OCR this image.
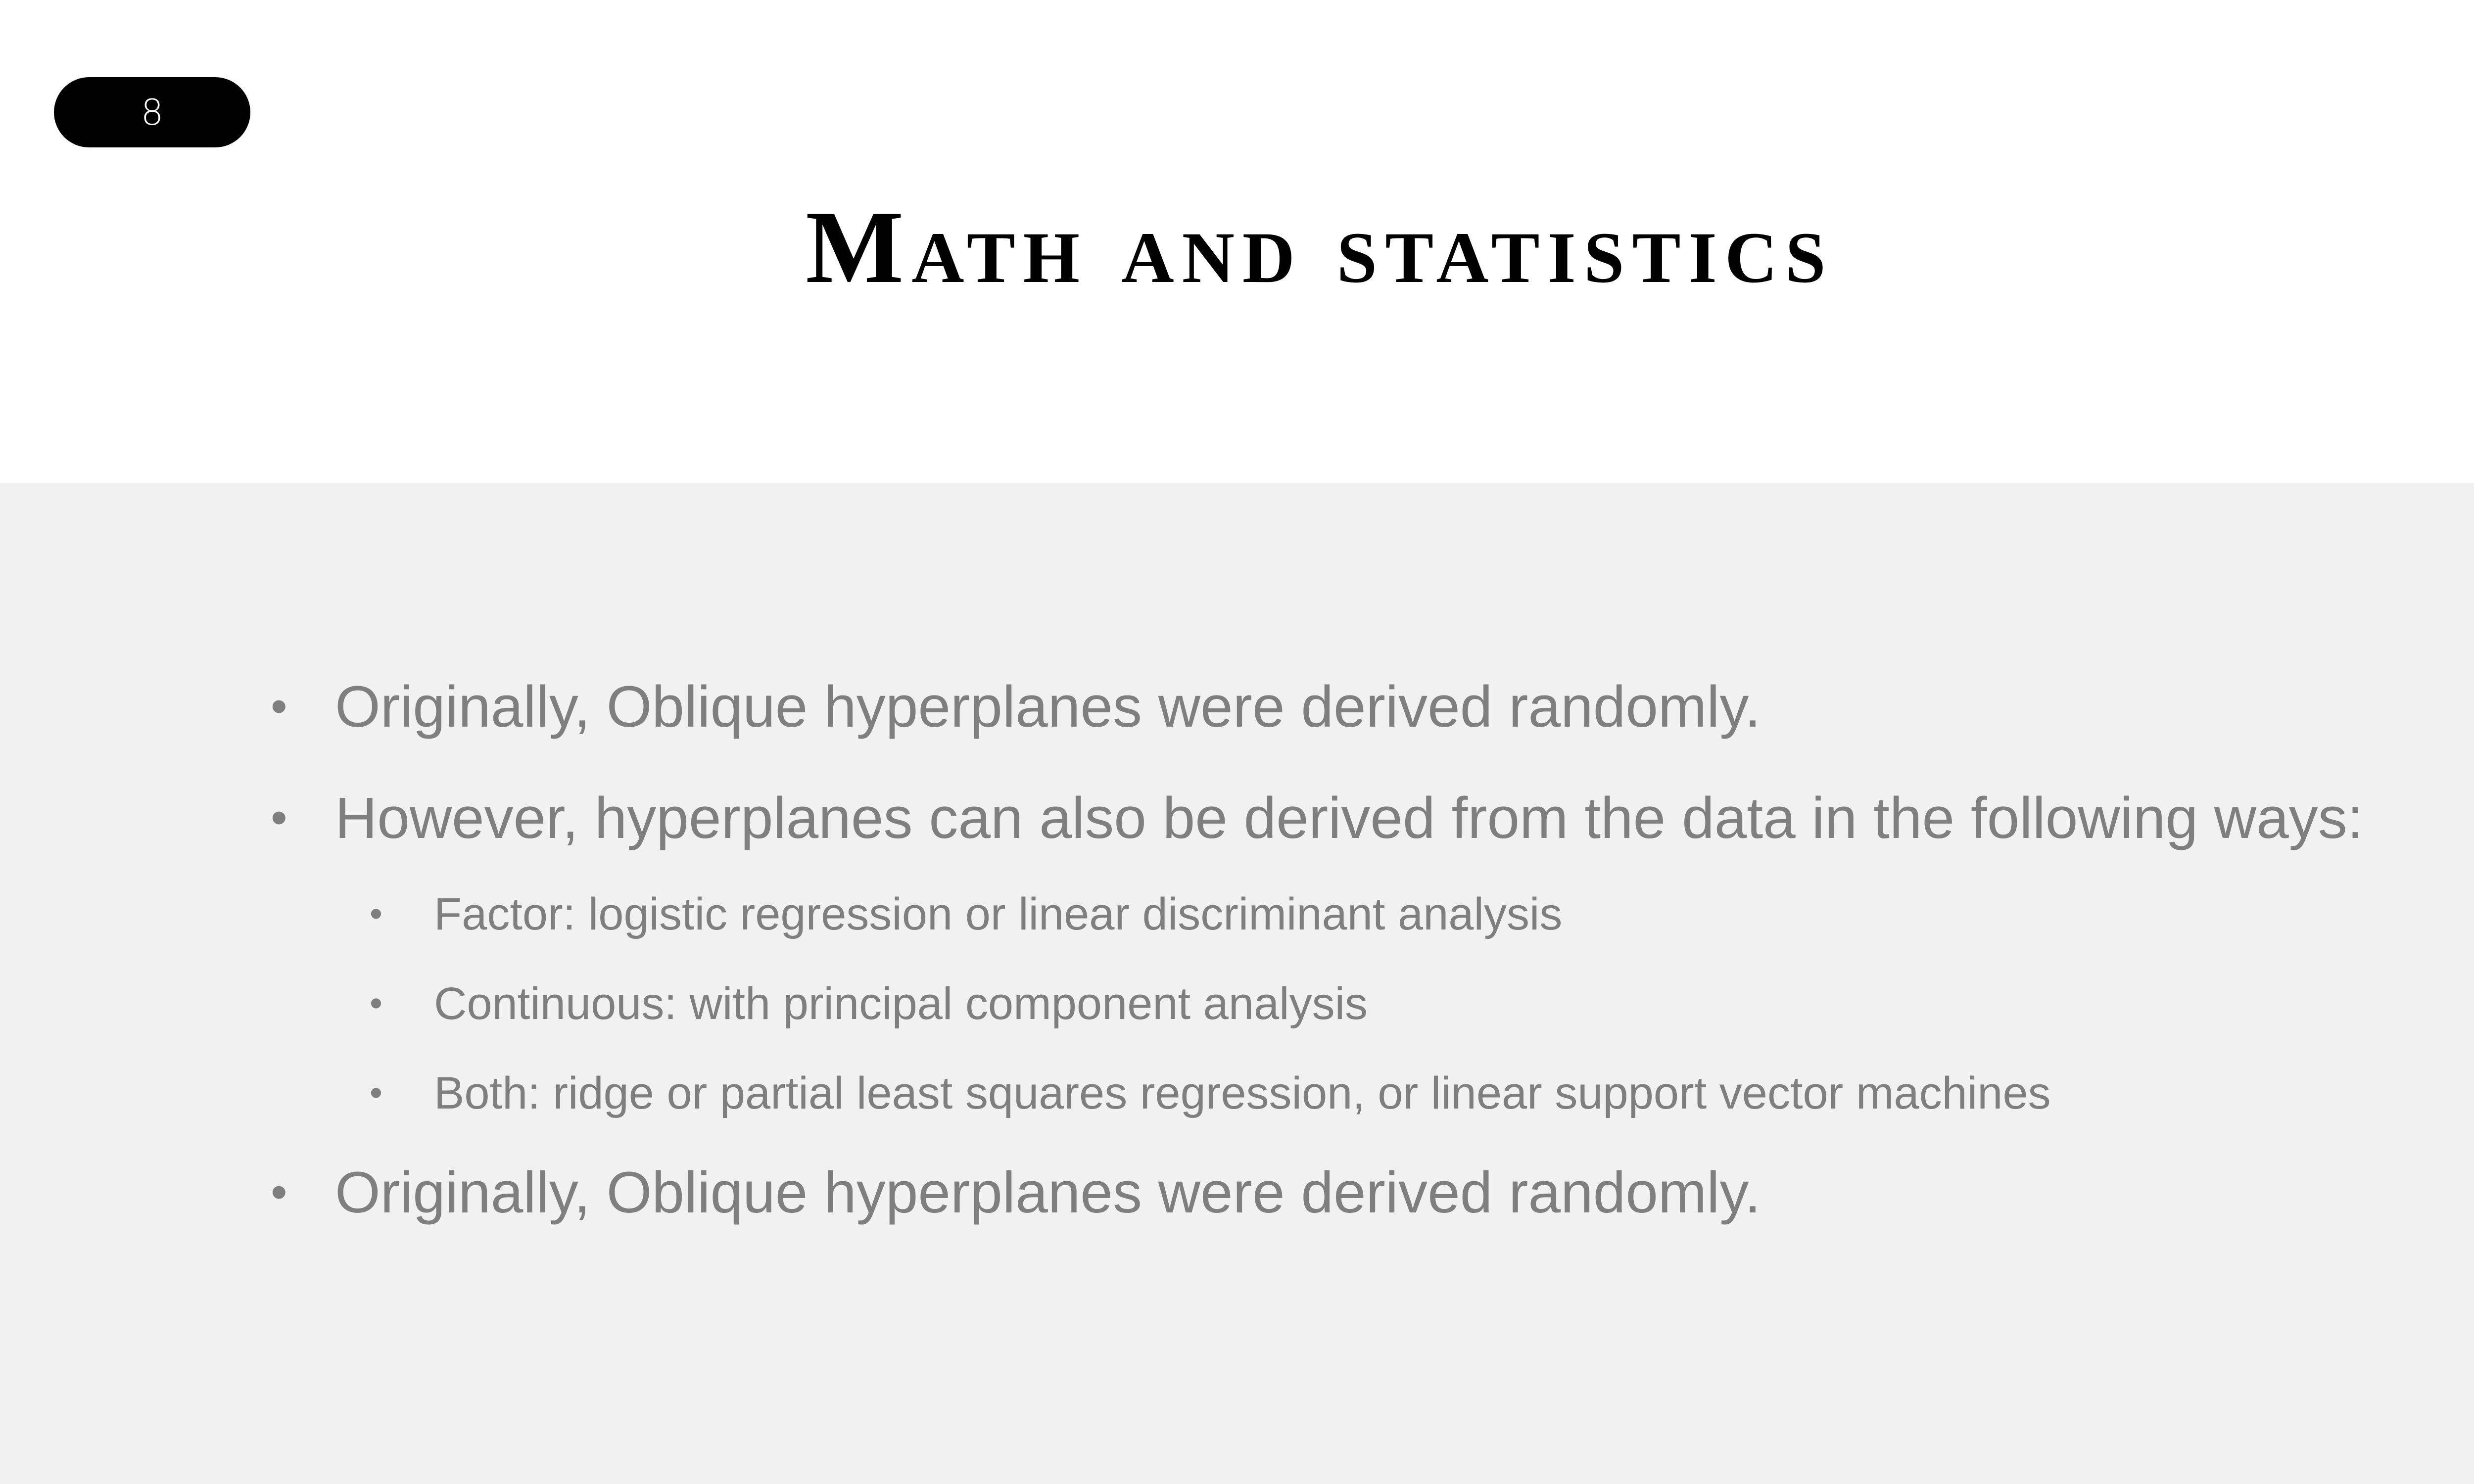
8
Math and statistics
• Originally, Oblique hyperplanes were derived randomly.
• However, hyperplanes can also be derived from the data in the following ways:
• Factor: logistic regression or linear discriminant analysis
• Continuous: with principal component analysis
• Both: ridge or partial least squares regression, or linear support vector machines
• Originally, Oblique hyperplanes were derived randomly.
